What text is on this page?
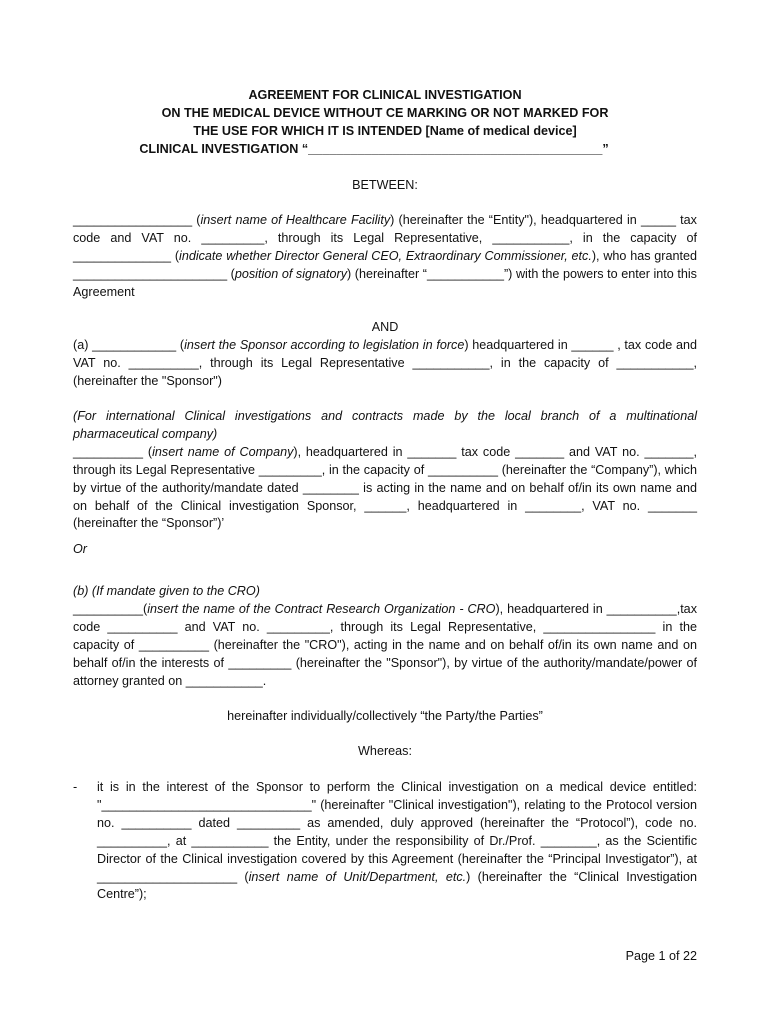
AGREEMENT FOR CLINICAL INVESTIGATION
ON THE MEDICAL DEVICE WITHOUT CE MARKING OR NOT MARKED FOR
THE USE FOR WHICH IT IS INTENDED [Name of medical device]
CLINICAL INVESTIGATION “__________________________________________”

BETWEEN:

_________________ (insert name of Healthcare Facility) (hereinafter the “Entity"), headquartered in _____ tax code and VAT no. _________, through its Legal Representative, ___________, in the capacity of ______________ (indicate whether Director General CEO, Extraordinary Commissioner, etc.), who has granted ______________________ (position of signatory) (hereinafter “___________”) with the powers to enter into this Agreement

AND

(a) ____________ (insert the Sponsor according to legislation in force) headquartered in ______ , tax code and VAT no. __________, through its Legal Representative ___________, in the capacity of ___________, (hereinafter the "Sponsor")

(For international Clinical investigations and contracts made by the local branch of a multinational pharmaceutical company)
__________ (insert name of Company), headquartered in _______ tax code _______ and VAT no. _______, through its Legal Representative _________, in the capacity of __________ (hereinafter the “Company”), which by virtue of the authority/mandate dated ________ is acting in the name and on behalf of/in its own name and on behalf of the Clinical investigation Sponsor, ______, headquartered in ________, VAT no. _______ (hereinafter the “Sponsor”)’

Or

(b) (If mandate given to the CRO)
__________(insert the name of the Contract Research Organization - CRO), headquartered in __________,tax code __________ and VAT no. _________, through its Legal Representative, ________________ in the capacity of __________ (hereinafter the "CRO"), acting in the name and on behalf of/in its own name and on behalf of/in the interests of _________ (hereinafter the "Sponsor"), by virtue of the authority/mandate/power of attorney granted on ___________.

hereinafter individually/collectively “the Party/the Parties”

Whereas:

- it is in the interest of the Sponsor to perform the Clinical investigation on a medical device entitled: "______________________________" (hereinafter "Clinical investigation"), relating to the Protocol version no. __________ dated _________ as amended, duly approved (hereinafter the “Protocol”), code no. __________, at ___________ the Entity, under the responsibility of Dr./Prof. ________, as the Scientific Director of the Clinical investigation covered by this Agreement (hereinafter the “Principal Investigator”), at ____________________ (insert name of Unit/Department, etc.) (hereinafter the “Clinical Investigation Centre”);

Page 1 of 22
